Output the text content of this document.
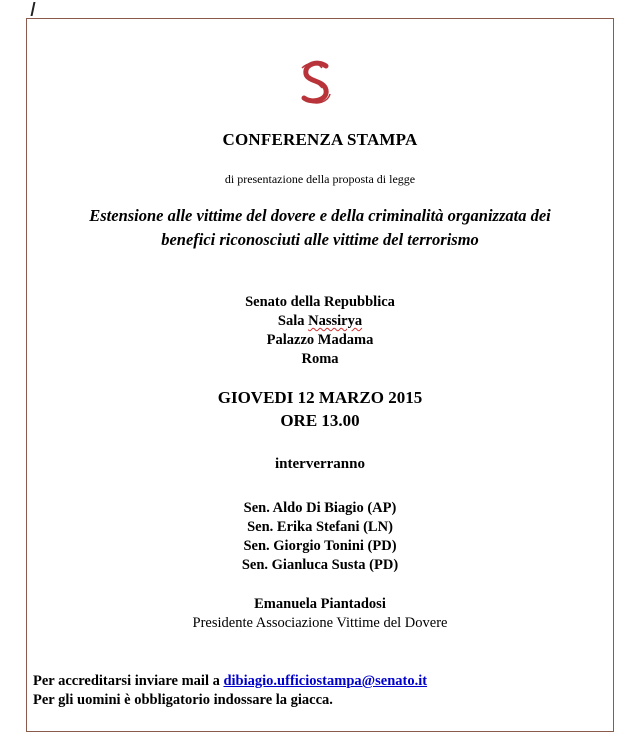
CONFERENZA STAMPA
di presentazione della proposta di legge
Estensione alle vittime del dovere e della criminalità organizzata dei
benefici riconosciuti alle vittime del terrorismo
Senato della Repubblica
Sala Nassirya
Palazzo Madama
Roma
GIOVEDI 12 MARZO 2015
ORE 13.00
interverranno
Sen. Aldo Di Biagio (AP)
Sen. Erika Stefani (LN)
Sen. Giorgio Tonini (PD)
Sen. Gianluca Susta (PD)
Emanuela Piantadosi
Presidente Associazione Vittime del Dovere
Per accreditarsi inviare mail a dibiagio.ufficiostampa@senato.it
Per gli uomini è obbligatorio indossare la giacca.
